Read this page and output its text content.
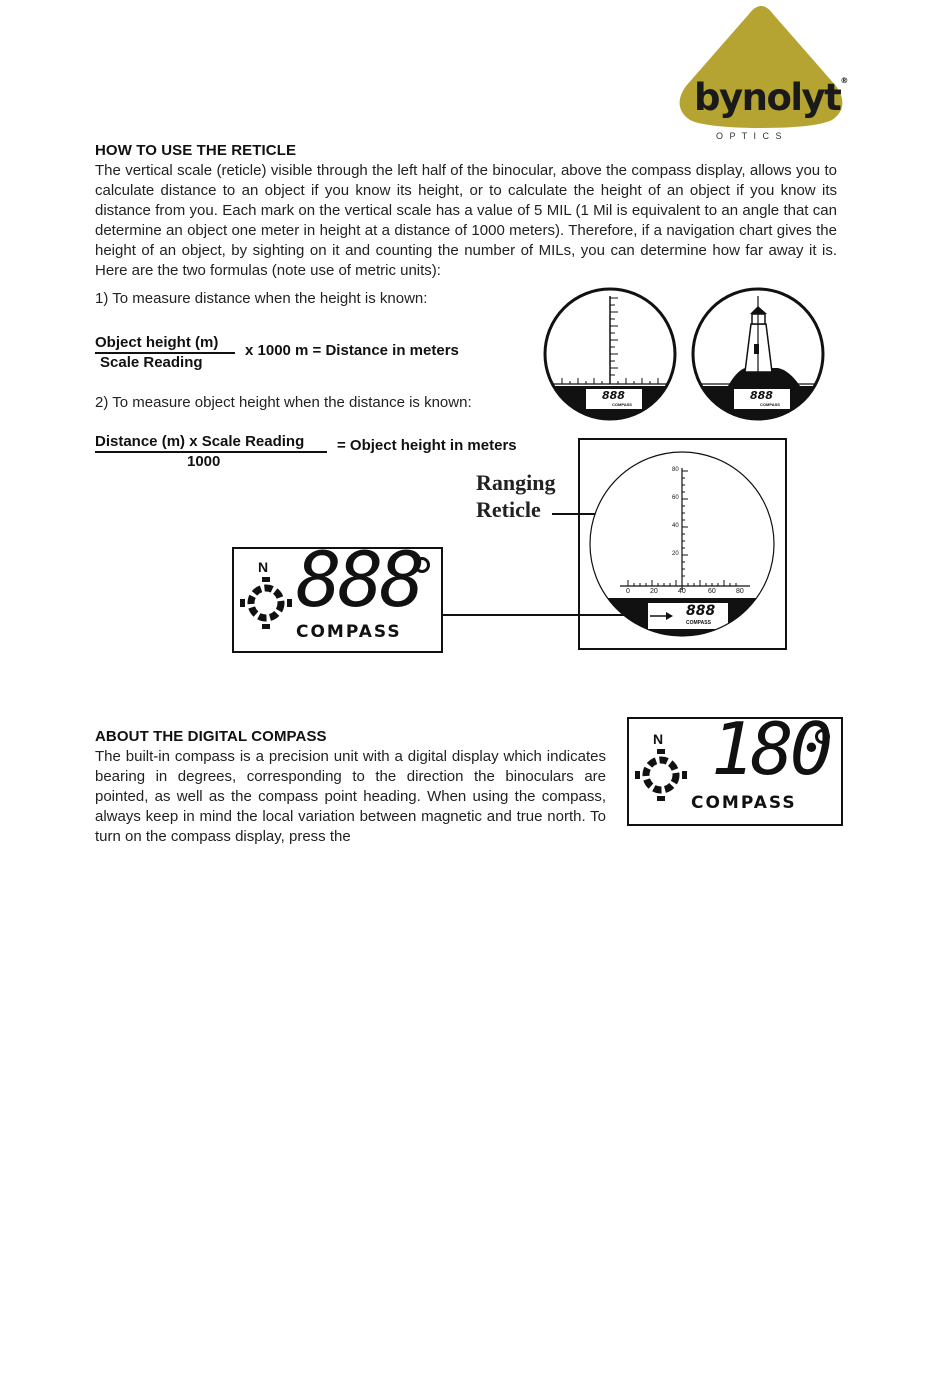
bynolyt®
O P T I C S
HOW TO USE THE RETICLE
The vertical scale (reticle) visible through the left half of the binocular, above the compass display, allows you to calculate distance to an object if you know its height, or to calculate the height of an object if you know its distance from you. Each mark on the vertical scale has a value of 5 MIL (1 Mil is equivalent to an angle that can determine an object one meter in height at a distance of 1000 meters). Therefore, if a navigation chart gives the height of an object, by sighting on it and counting the number of MILs, you can determine how far away it is. Here are the two formulas (note use of metric units):
1) To measure distance when the height is known:
Object height (m)
Scale Reading
x 1000 m = Distance in meters
2) To measure object height when the distance is known:
Distance (m) x Scale Reading
1000
= Object height in meters
888
COMPASS
888
COMPASS
Ranging
Reticle
80
60
40
20
0	20	40	60	80
888
COMPASS
N 888
COMPASS
ABOUT THE DIGITAL COMPASS
The built-in compass is a precision unit with a digital display which indicates bearing in degrees, corresponding to the direction the binoculars are pointed, as well as the compass point heading. When using the compass, always keep in mind the local variation between magnetic and true north. To turn on the compass display, press the
N 180
COMPASS
